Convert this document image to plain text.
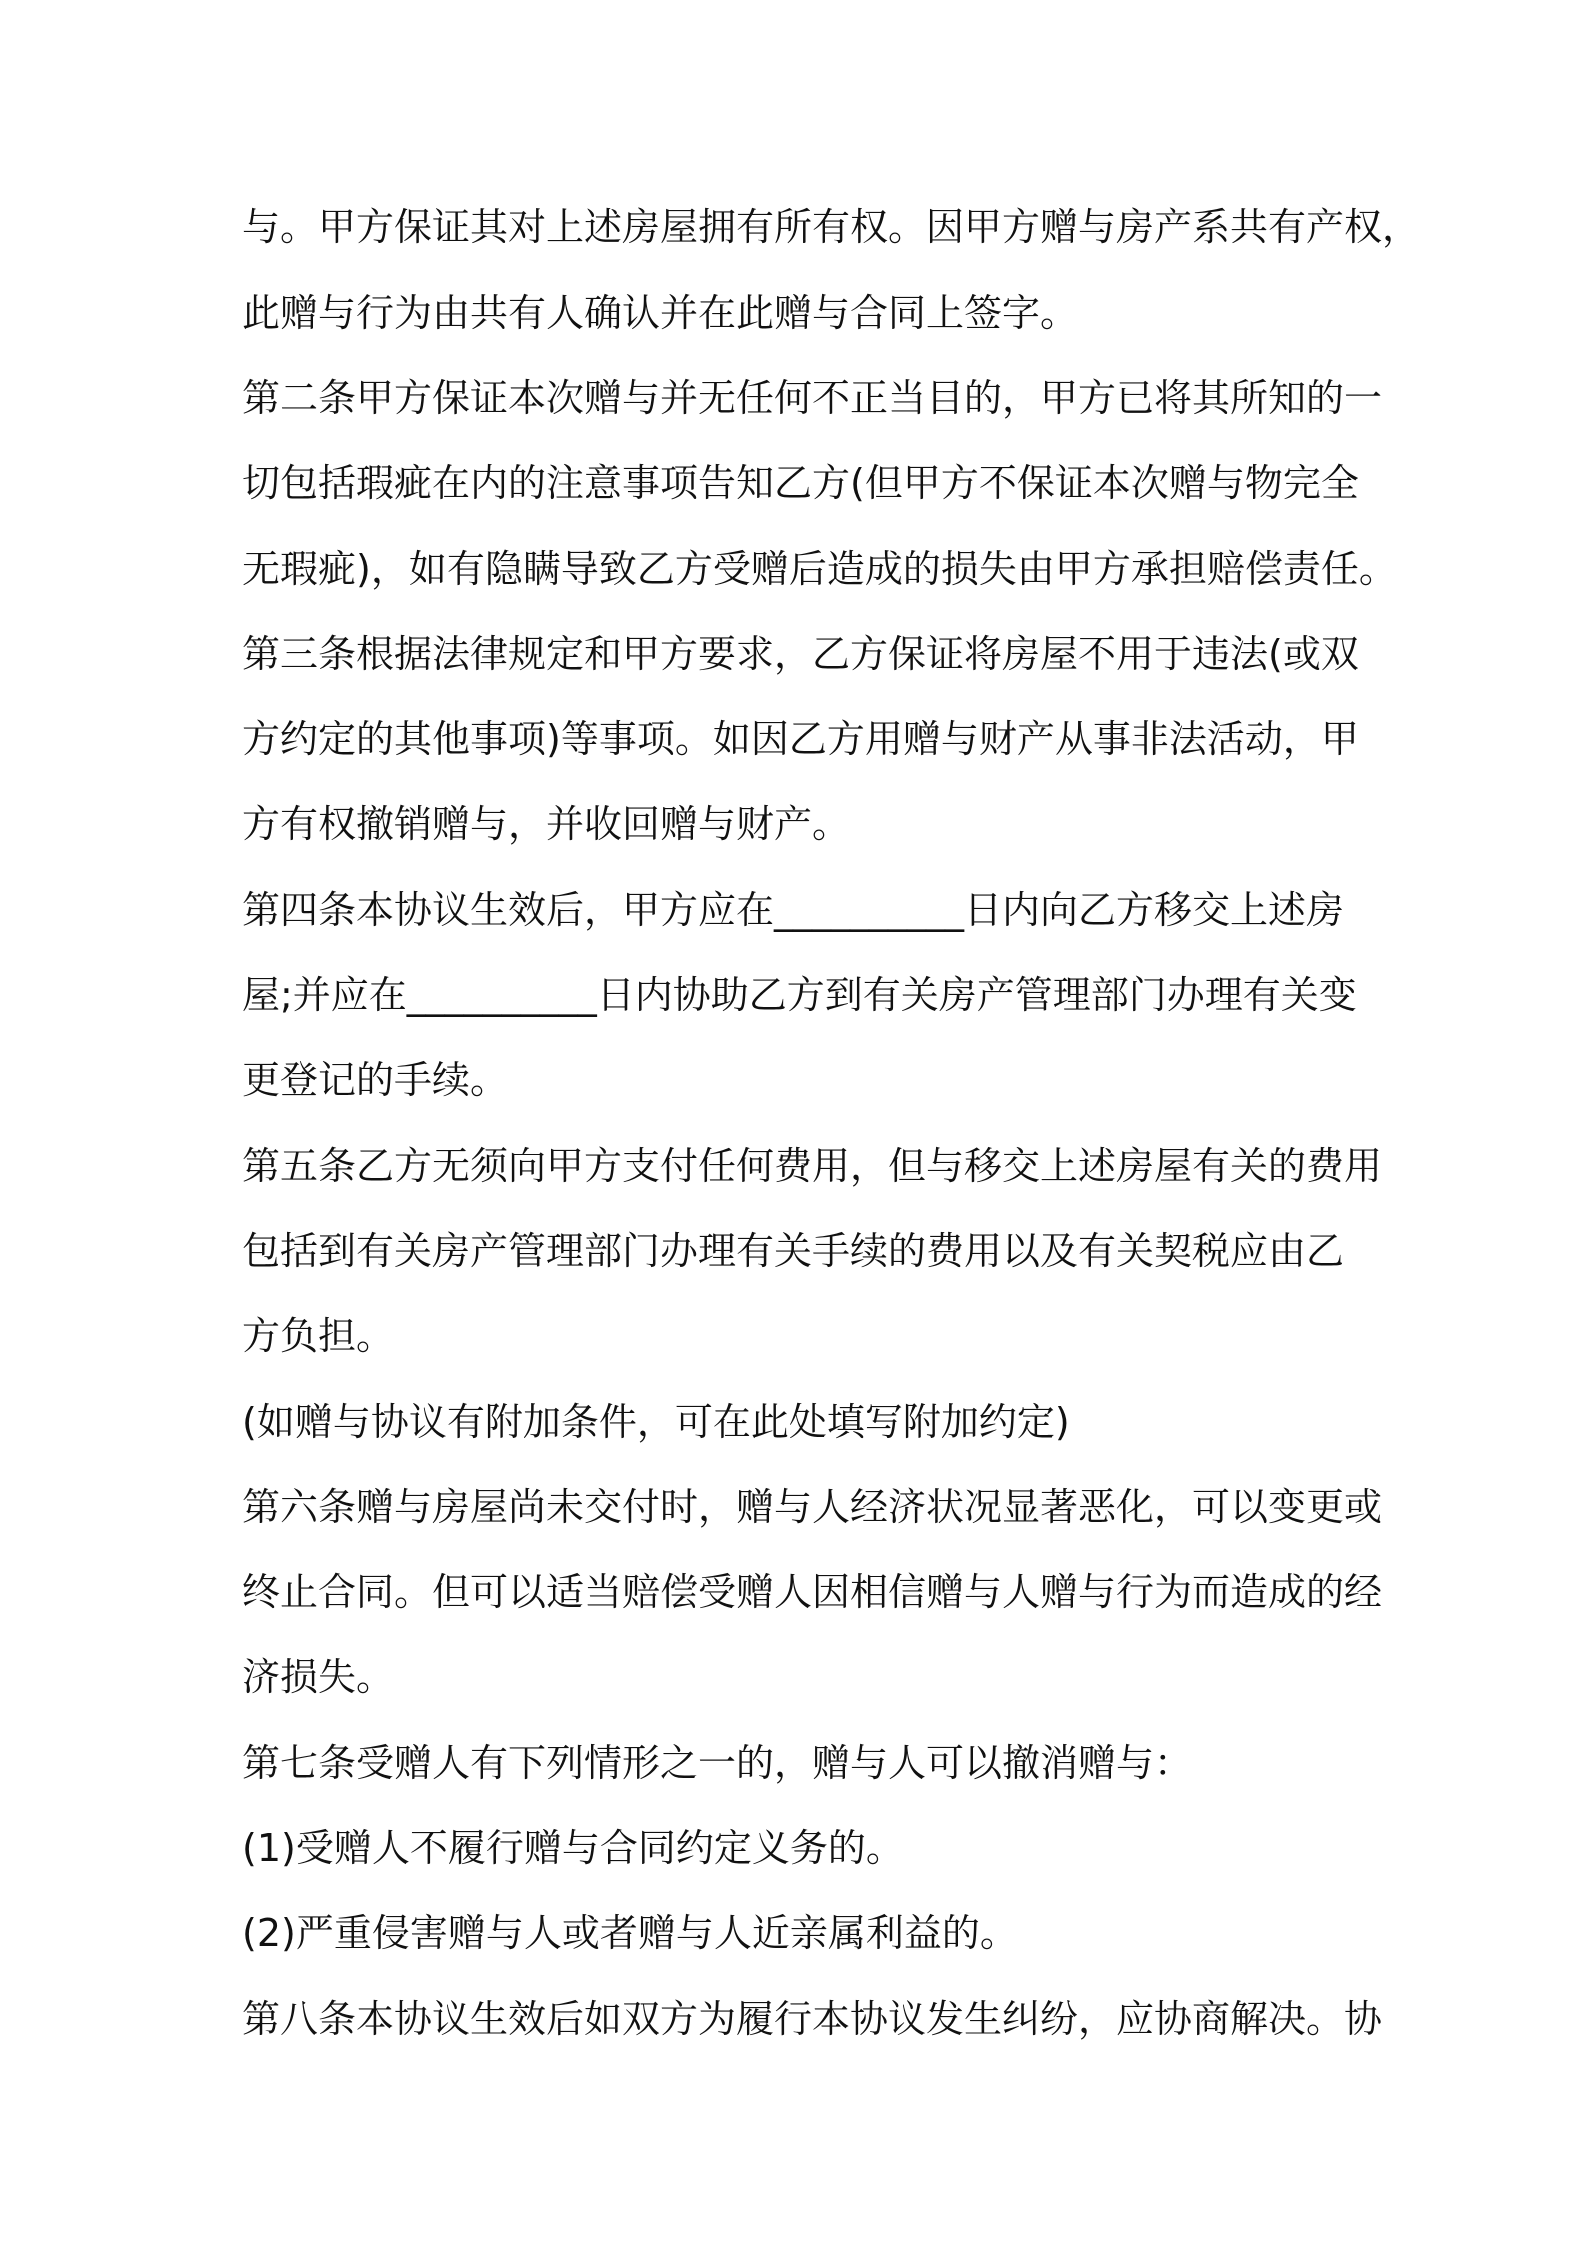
与。甲方保证其对上述房屋拥有所有权。因甲方赠与房产系共有产权，
此赠与行为由共有人确认并在此赠与合同上签字。
第二条甲方保证本次赠与并无任何不正当目的，甲方已将其所知的一
切包括瑕疵在内的注意事项告知乙方(但甲方不保证本次赠与物完全
无瑕疵)，如有隐瞒导致乙方受赠后造成的损失由甲方承担赔偿责任。
第三条根据法律规定和甲方要求，乙方保证将房屋不用于违法(或双
方约定的其他事项)等事项。如因乙方用赠与财产从事非法活动，甲
方有权撤销赠与，并收回赠与财产。
第四条本协议生效后，甲方应在__________日内向乙方移交上述房
屋;并应在__________日内协助乙方到有关房产管理部门办理有关变
更登记的手续。
第五条乙方无须向甲方支付任何费用，但与移交上述房屋有关的费用
包括到有关房产管理部门办理有关手续的费用以及有关契税应由乙
方负担。
(如赠与协议有附加条件，可在此处填写附加约定)
第六条赠与房屋尚未交付时，赠与人经济状况显著恶化，可以变更或
终止合同。但可以适当赔偿受赠人因相信赠与人赠与行为而造成的经
济损失。
第七条受赠人有下列情形之一的，赠与人可以撤消赠与：
(1)受赠人不履行赠与合同约定义务的。
(2)严重侵害赠与人或者赠与人近亲属利益的。
第八条本协议生效后如双方为履行本协议发生纠纷，应协商解决。协
